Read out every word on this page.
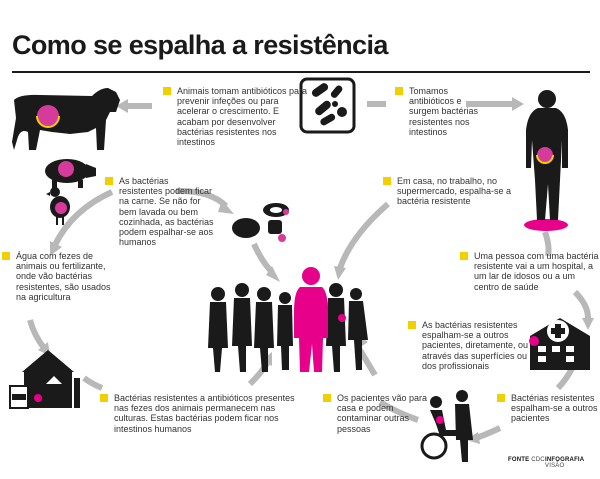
Como se espalha a resistência
Animais tomam antibióticos para prevenir infeções ou para acelerar o crescimento. E acabam por desenvolver bactérias resistentes nos intestinos
Tomamos antibióticos e surgem bactérias resistentes nos intestinos
As bactérias resistentes podem ficar na carne. Se não for bem lavada ou bem cozinhada, as bactérias podem espalhar-se aos humanos
Em casa, no trabalho, no supermercado, espalha-se a bactéria resistente
Água com fezes de animais ou fertilizante, onde vão bactérias resistentes, são usados na agricultura
Uma pessoa com uma bactéria resistente vai a um hospital, a um lar de idosos ou a um centro de saúde
As bactérias resistentes espalham-se a outros pacientes, diretamente, ou através das superfícies ou dos profissionais
Bactérias resistentes a antibióticos presentes nas fezes dos animais permanecem nas culturas. Estas bactérias podem ficar nos intestinos humanos
Os pacientes vão para casa e podem contaminar outras pessoas
Bactérias resistentes espalham-se a outros pacientes
FONTE CDC INFOGRAFIA VISÃO
